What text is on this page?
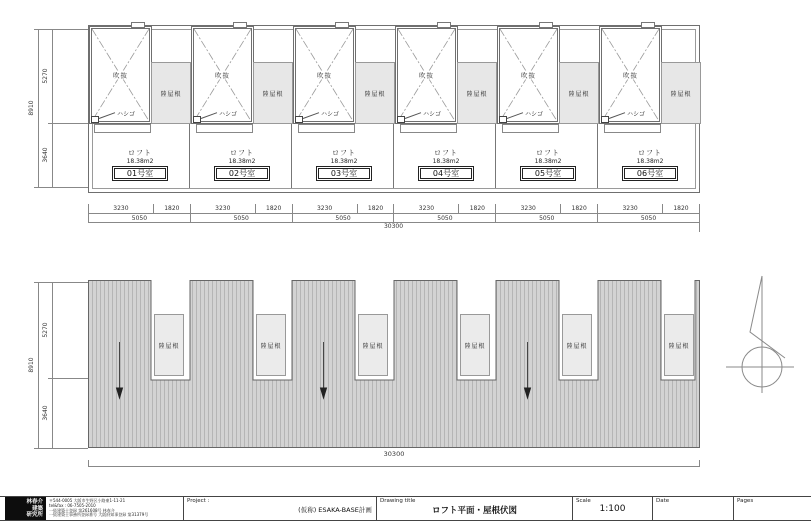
吹抜
陸屋根
ハシゴ
ロフト
18.38m2
01号室
吹抜
陸屋根
ハシゴ
ロフト
18.38m2
02号室
吹抜
陸屋根
ハシゴ
ロフト
18.38m2
03号室
吹抜
陸屋根
ハシゴ
ロフト
18.38m2
04号室
吹抜
陸屋根
ハシゴ
ロフト
18.38m2
05号室
吹抜
陸屋根
ハシゴ
ロフト
18.38m2
06号室
3230	1820	3230	1820	3230	1820	3230	1820	3230	1820	3230	1820
5050	5050	5050	5050	5050	5050
30300
5270
3640
8910
陸屋根	陸屋根	陸屋根	陸屋根	陸屋根	陸屋根
5270
3640
8910
30300
林春介
建築
研究所
〒544-0005 大阪市生野区小路東1-11-21
tel&fax : 06-7505-2010
一級建築士登録 第261608号 林春介
一級建築士事務所登録番号 大阪府知事登録 第31379号
Project :
(仮称) ESAKA-BASE計画
Drawing title
ロフト平面・屋根伏図
Scale
1:100
Date	Pages
